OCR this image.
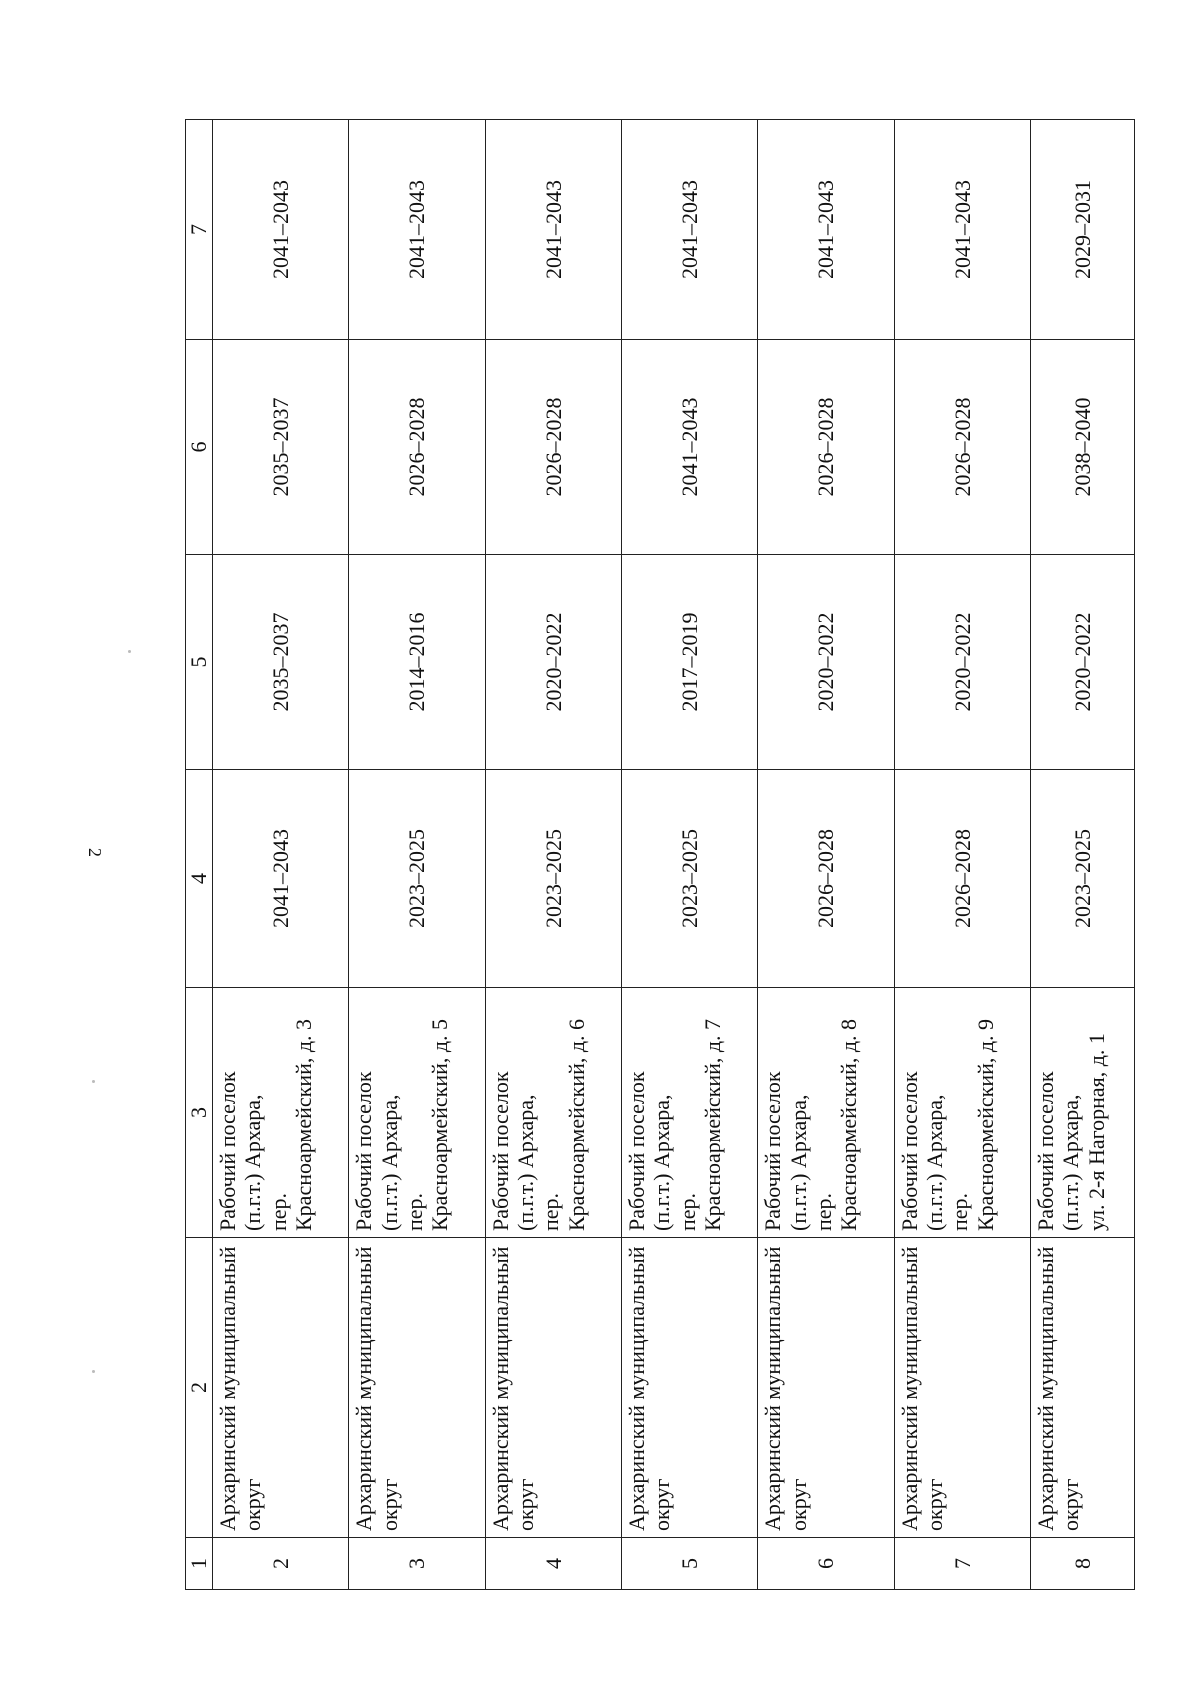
2
1	2	3	4	5	6	7
2	Архаринский муниципальный округ	Рабочий поселок (п.г.т.) Архара, пер. Красноармейский, д. 3	2041–2043	2035–2037	2035–2037	2041–2043
3	Архаринский муниципальный округ	Рабочий поселок (п.г.т.) Архара, пер. Красноармейский, д. 5	2023–2025	2014–2016	2026–2028	2041–2043
4	Архаринский муниципальный округ	Рабочий поселок (п.г.т.) Архара, пер. Красноармейский, д. 6	2023–2025	2020–2022	2026–2028	2041–2043
5	Архаринский муниципальный округ	Рабочий поселок (п.г.т.) Архара, пер. Красноармейский, д. 7	2023–2025	2017–2019	2041–2043	2041–2043
6	Архаринский муниципальный округ	Рабочий поселок (п.г.т.) Архара, пер. Красноармейский, д. 8	2026–2028	2020–2022	2026–2028	2041–2043
7	Архаринский муниципальный округ	Рабочий поселок (п.г.т.) Архара, пер. Красноармейский, д. 9	2026–2028	2020–2022	2026–2028	2041–2043
8	Архаринский муниципальный округ	Рабочий поселок (п.г.т.) Архара, ул. 2-я Нагорная, д. 1	2023–2025	2020–2022	2038–2040	2029–2031
